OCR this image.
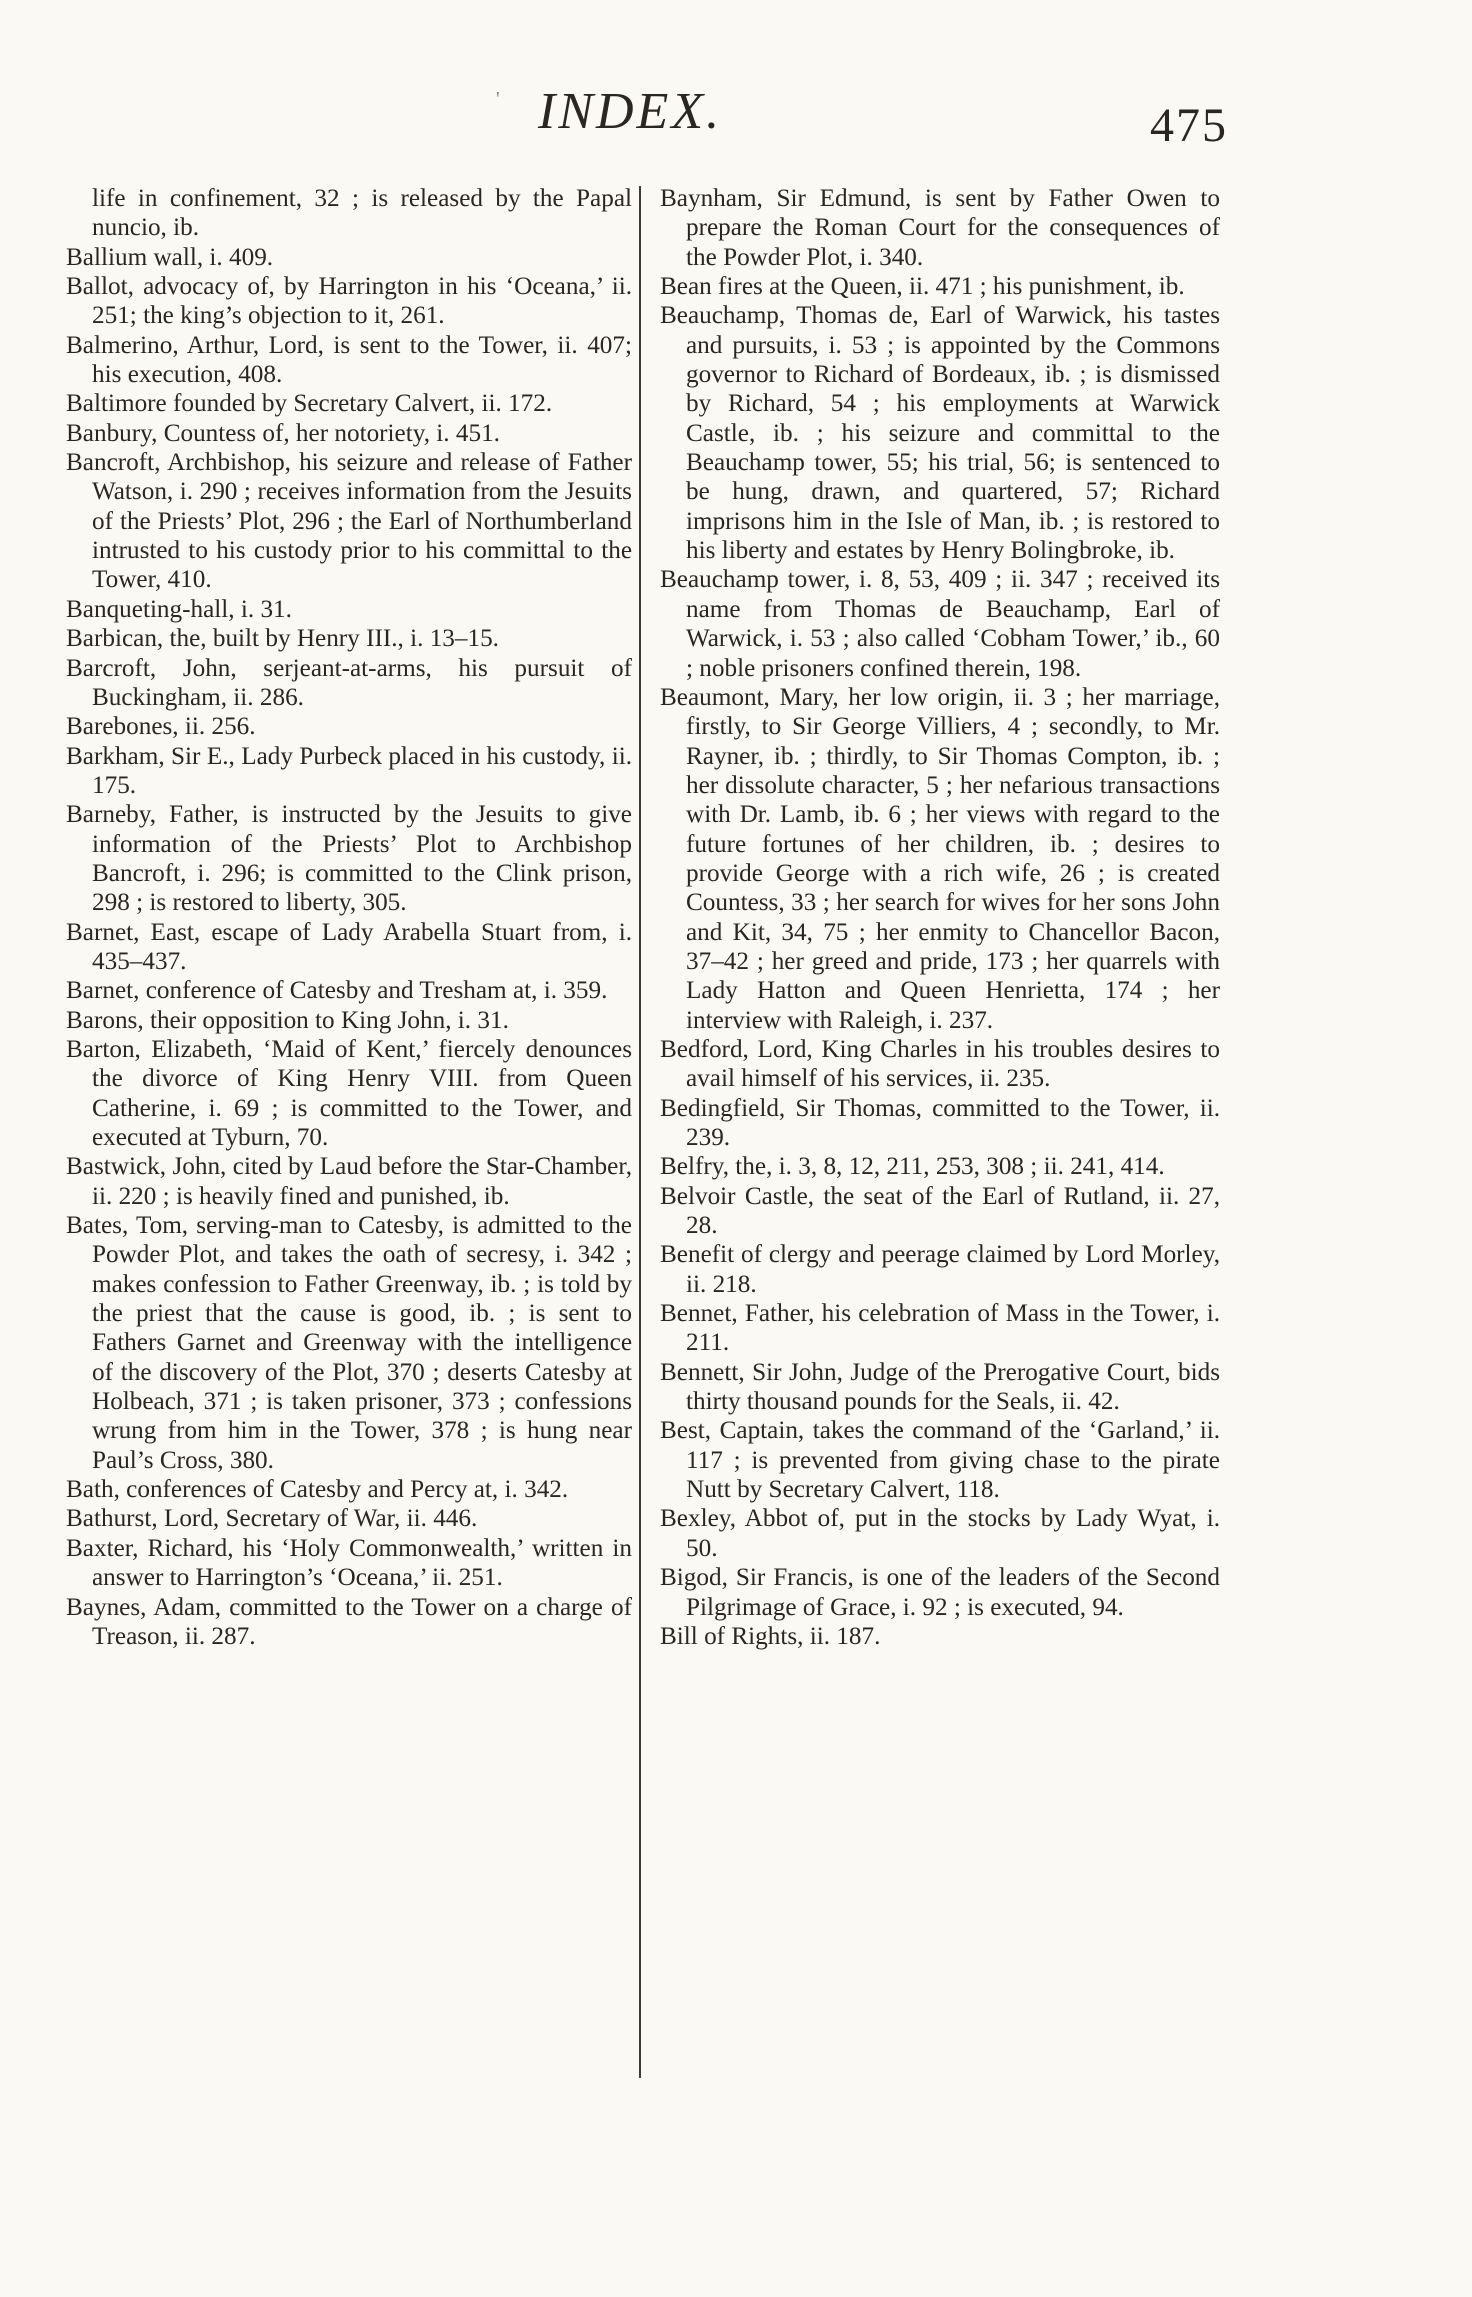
' INDEX.	475

life in confinement, 32 ; is released by the Papal nuncio, ib.

Ballium wall, i. 409.

Ballot, advocacy of, by Harrington in his ‘Oceana,’ ii. 251; the king’s objection to it, 261.

Balmerino, Arthur, Lord, is sent to the Tower, ii. 407; his execution, 408.

Baltimore founded by Secretary Calvert, ii. 172.

Banbury, Countess of, her notoriety, i. 451.

Bancroft, Archbishop, his seizure and release of Father Watson, i. 290 ; receives information from the Jesuits of the Priests’ Plot, 296 ; the Earl of Northumberland intrusted to his custody prior to his committal to the Tower, 410.

Banqueting-hall, i. 31.

Barbican, the, built by Henry III., i. 13–15.

Barcroft, John, serjeant-at-arms, his pursuit of Buckingham, ii. 286.

Barebones, ii. 256.

Barkham, Sir E., Lady Purbeck placed in his custody, ii. 175.

Barneby, Father, is instructed by the Jesuits to give information of the Priests’ Plot to Archbishop Bancroft, i. 296; is committed to the Clink prison, 298 ; is restored to liberty, 305.

Barnet, East, escape of Lady Arabella Stuart from, i. 435–437.

Barnet, conference of Catesby and Tresham at, i. 359.

Barons, their opposition to King John, i. 31.

Barton, Elizabeth, ‘Maid of Kent,’ fiercely denounces the divorce of King Henry VIII. from Queen Catherine, i. 69 ; is committed to the Tower, and executed at Tyburn, 70.

Bastwick, John, cited by Laud before the Star-Chamber, ii. 220 ; is heavily fined and punished, ib.

Bates, Tom, serving-man to Catesby, is admitted to the Powder Plot, and takes the oath of secresy, i. 342 ; makes confession to Father Greenway, ib. ; is told by the priest that the cause is good, ib. ; is sent to Fathers Garnet and Greenway with the intelligence of the discovery of the Plot, 370 ; deserts Catesby at Holbeach, 371 ; is taken prisoner, 373 ; confessions wrung from him in the Tower, 378 ; is hung near Paul’s Cross, 380.

Bath, conferences of Catesby and Percy at, i. 342.

Bathurst, Lord, Secretary of War, ii. 446.

Baxter, Richard, his ‘Holy Commonwealth,’ written in answer to Harrington’s ‘Oceana,’ ii. 251.

Baynes, Adam, committed to the Tower on a charge of Treason, ii. 287.

Baynham, Sir Edmund, is sent by Father Owen to prepare the Roman Court for the consequences of the Powder Plot, i. 340.

Bean fires at the Queen, ii. 471 ; his punishment, ib.

Beauchamp, Thomas de, Earl of Warwick, his tastes and pursuits, i. 53 ; is appointed by the Commons governor to Richard of Bordeaux, ib. ; is dismissed by Richard, 54 ; his employments at Warwick Castle, ib. ; his seizure and committal to the Beauchamp tower, 55; his trial, 56; is sentenced to be hung, drawn, and quartered, 57; Richard imprisons him in the Isle of Man, ib. ; is restored to his liberty and estates by Henry Bolingbroke, ib.

Beauchamp tower, i. 8, 53, 409 ; ii. 347 ; received its name from Thomas de Beauchamp, Earl of Warwick, i. 53 ; also called ‘Cobham Tower,’ ib., 60 ; noble prisoners confined therein, 198.

Beaumont, Mary, her low origin, ii. 3 ; her marriage, firstly, to Sir George Villiers, 4 ; secondly, to Mr. Rayner, ib. ; thirdly, to Sir Thomas Compton, ib. ; her dissolute character, 5 ; her nefarious transactions with Dr. Lamb, ib. 6 ; her views with regard to the future fortunes of her children, ib. ; desires to provide George with a rich wife, 26 ; is created Countess, 33 ; her search for wives for her sons John and Kit, 34, 75 ; her enmity to Chancellor Bacon, 37–42 ; her greed and pride, 173 ; her quarrels with Lady Hatton and Queen Henrietta, 174 ; her interview with Raleigh, i. 237.

Bedford, Lord, King Charles in his troubles desires to avail himself of his services, ii. 235.

Bedingfield, Sir Thomas, committed to the Tower, ii. 239.

Belfry, the, i. 3, 8, 12, 211, 253, 308 ; ii. 241, 414.

Belvoir Castle, the seat of the Earl of Rutland, ii. 27, 28.

Benefit of clergy and peerage claimed by Lord Morley, ii. 218.

Bennet, Father, his celebration of Mass in the Tower, i. 211.

Bennett, Sir John, Judge of the Prerogative Court, bids thirty thousand pounds for the Seals, ii. 42.

Best, Captain, takes the command of the ‘Garland,’ ii. 117 ; is prevented from giving chase to the pirate Nutt by Secretary Calvert, 118.

Bexley, Abbot of, put in the stocks by Lady Wyat, i. 50.

Bigod, Sir Francis, is one of the leaders of the Second Pilgrimage of Grace, i. 92 ; is executed, 94.

Bill of Rights, ii. 187.
